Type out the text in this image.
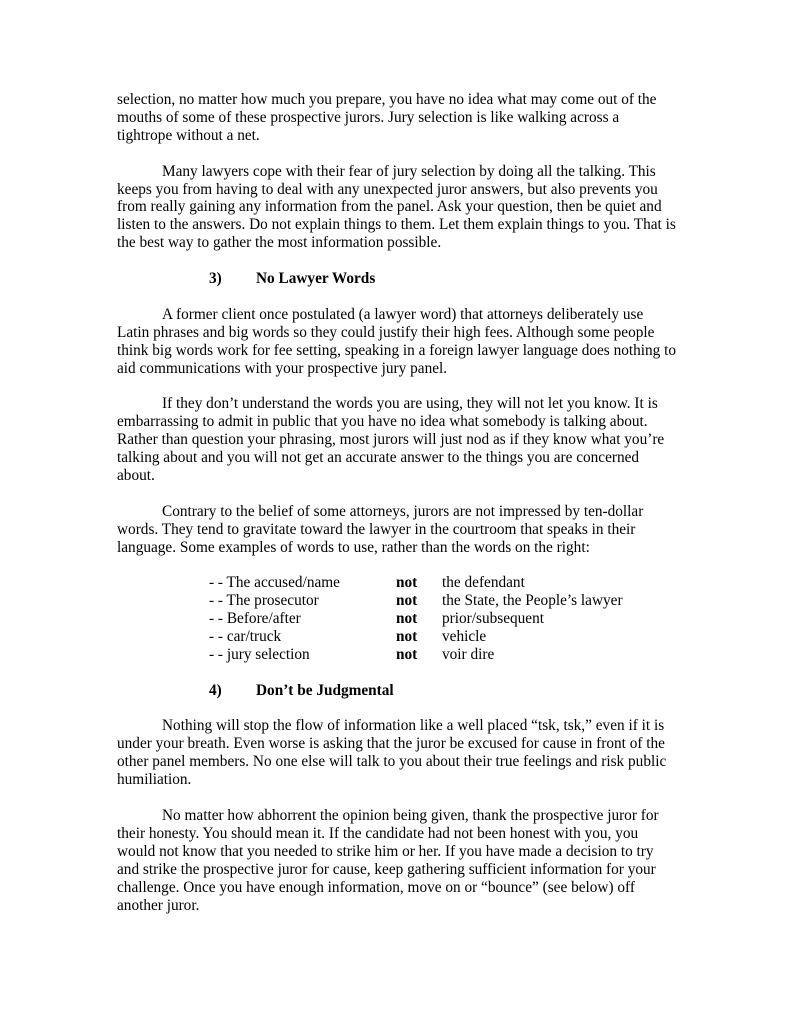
selection, no matter how much you prepare, you have no idea what may come out of the mouths of some of these prospective jurors. Jury selection is like walking across a tightrope without a net.

Many lawyers cope with their fear of jury selection by doing all the talking. This keeps you from having to deal with any unexpected juror answers, but also prevents you from really gaining any information from the panel. Ask your question, then be quiet and listen to the answers. Do not explain things to them. Let them explain things to you. That is the best way to gather the most information possible.

3) No Lawyer Words

A former client once postulated (a lawyer word) that attorneys deliberately use Latin phrases and big words so they could justify their high fees. Although some people think big words work for fee setting, speaking in a foreign lawyer language does nothing to aid communications with your prospective jury panel.

If they don’t understand the words you are using, they will not let you know. It is embarrassing to admit in public that you have no idea what somebody is talking about. Rather than question your phrasing, most jurors will just nod as if they know what you’re talking about and you will not get an accurate answer to the things you are concerned about.

Contrary to the belief of some attorneys, jurors are not impressed by ten-dollar words. They tend to gravitate toward the lawyer in the courtroom that speaks in their language. Some examples of words to use, rather than the words on the right:

- - The accused/name	not the defendant
- - The prosecutor	not the State, the People’s lawyer
- - Before/after	not prior/subsequent
- - car/truck	not vehicle
- - jury selection	not voir dire
4) Don’t be Judgmental

Nothing will stop the flow of information like a well placed “tsk, tsk,” even if it is under your breath. Even worse is asking that the juror be excused for cause in front of the other panel members. No one else will talk to you about their true feelings and risk public humiliation.

No matter how abhorrent the opinion being given, thank the prospective juror for their honesty. You should mean it. If the candidate had not been honest with you, you would not know that you needed to strike him or her. If you have made a decision to try and strike the prospective juror for cause, keep gathering sufficient information for your challenge. Once you have enough information, move on or “bounce” (see below) off another juror.
